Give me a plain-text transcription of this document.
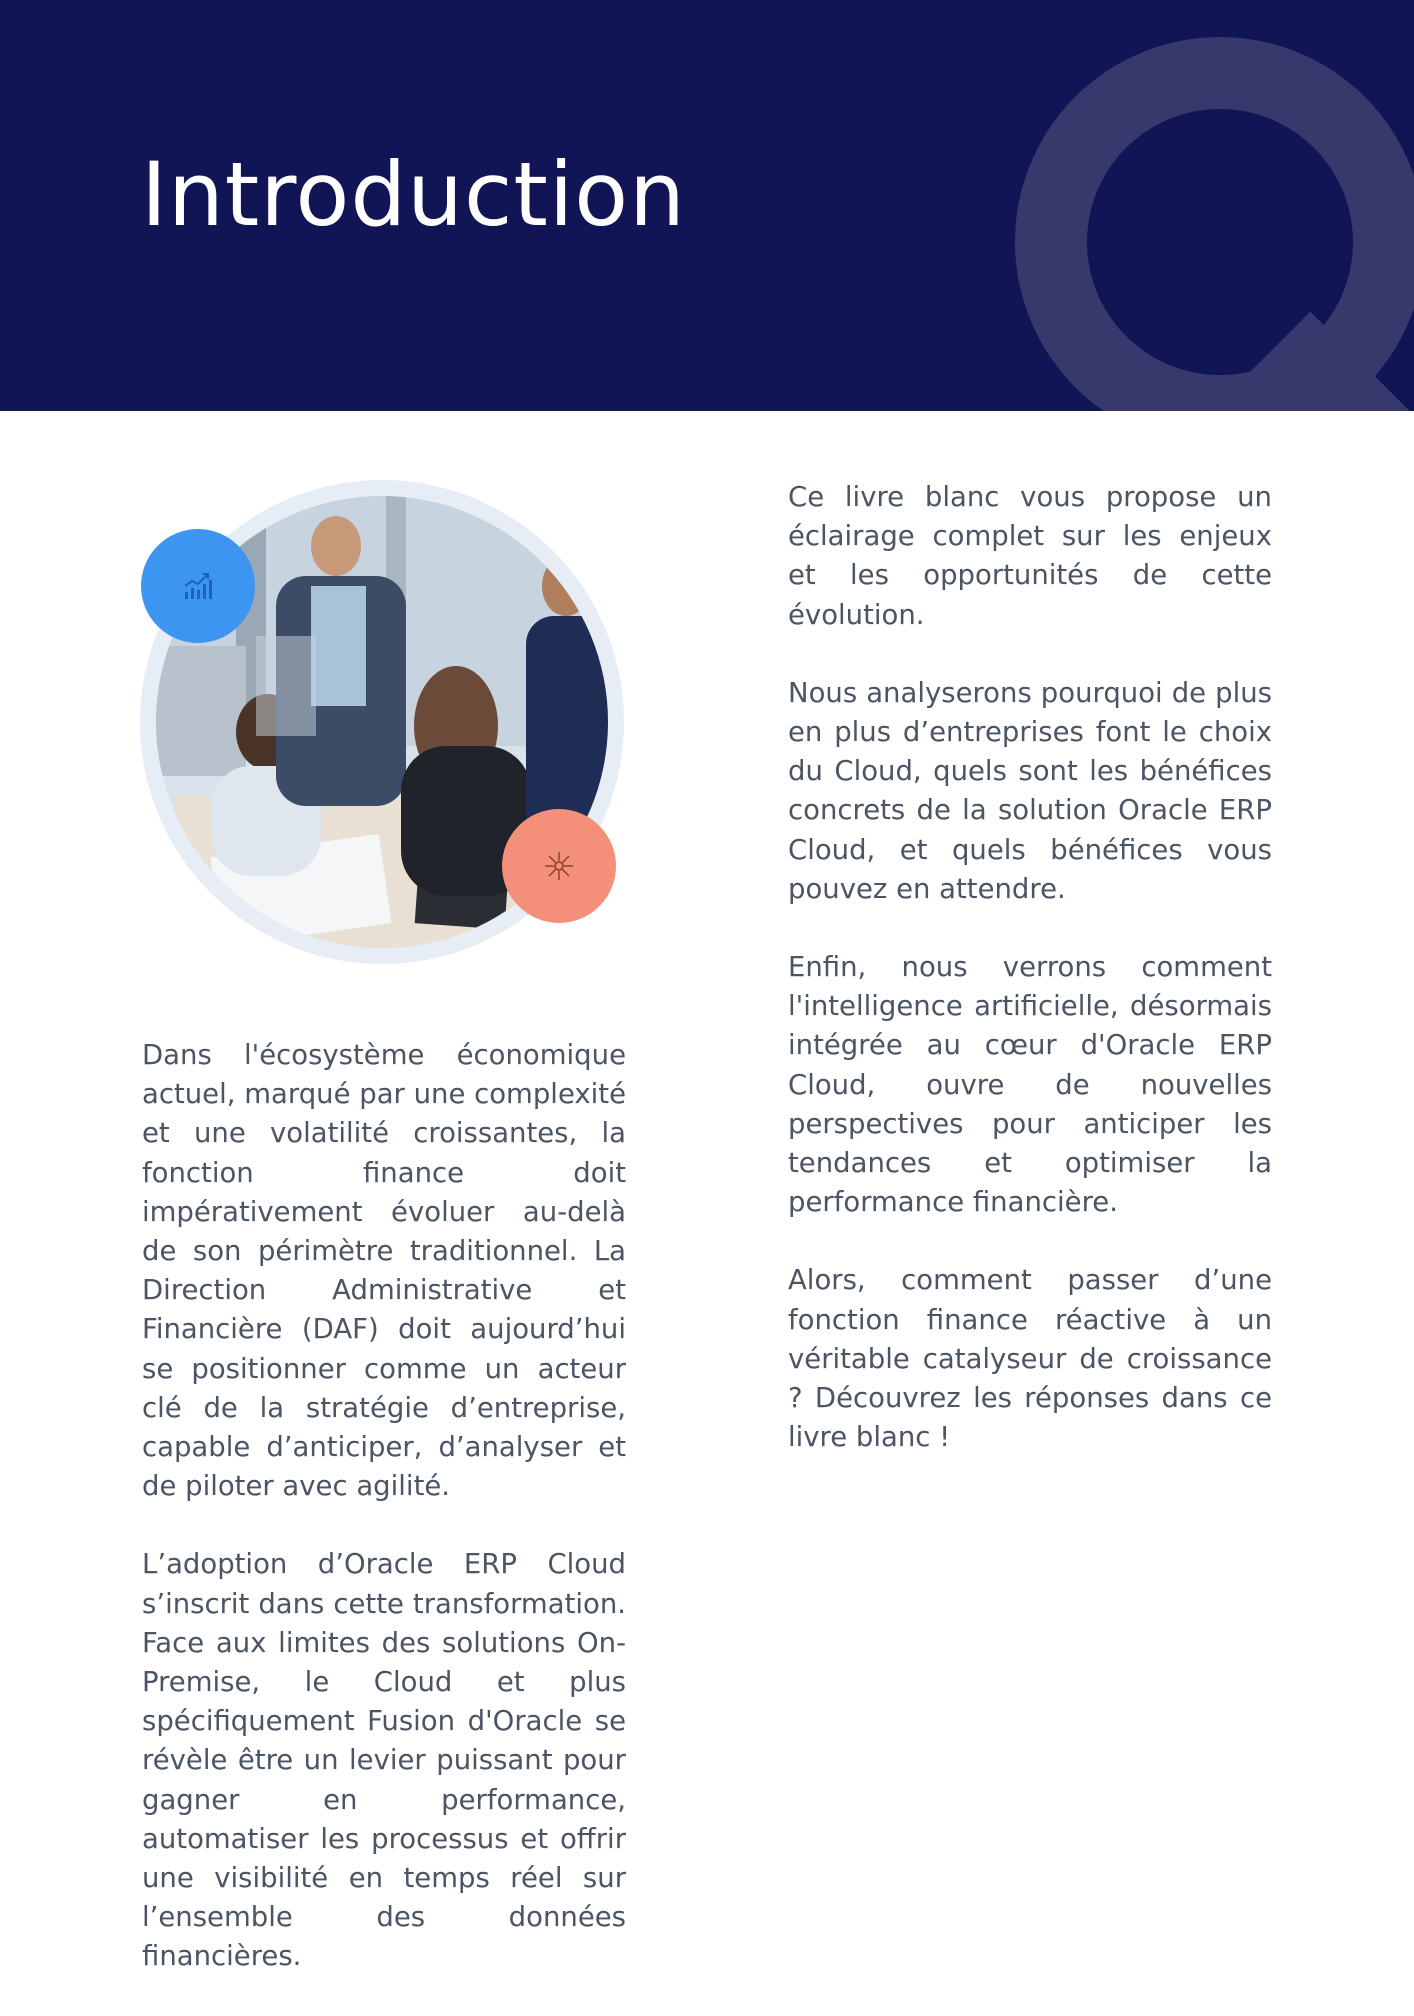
Introduction

Dans l'écosystème économique actuel, marqué par une complexité et une volatilité croissantes, la fonction finance doit impérativement évoluer au-delà de son périmètre traditionnel. La Direction Administrative et Financière (DAF) doit aujourd’hui se positionner comme un acteur clé de la stratégie d’entreprise, capable d’anticiper, d’analyser et de piloter avec agilité.

L’adoption d’Oracle ERP Cloud s’inscrit dans cette transformation. Face aux limites des solutions On-Premise, le Cloud et plus spécifiquement Fusion d'Oracle se révèle être un levier puissant pour gagner en performance, automatiser les processus et offrir une visibilité en temps réel sur l’ensemble des données financières.

Ce livre blanc vous propose un éclairage complet sur les enjeux et les opportunités de cette évolution.

Nous analyserons pourquoi de plus en plus d’entreprises font le choix du Cloud, quels sont les bénéfices concrets de la solution Oracle ERP Cloud, et quels bénéfices vous pouvez en attendre.

Enfin, nous verrons comment l'intelligence artificielle, désormais intégrée au cœur d'Oracle ERP Cloud, ouvre de nouvelles perspectives pour anticiper les tendances et optimiser la performance financière.

Alors, comment passer d’une fonction finance réactive à un véritable catalyseur de croissance ? Découvrez les réponses dans ce livre blanc !
